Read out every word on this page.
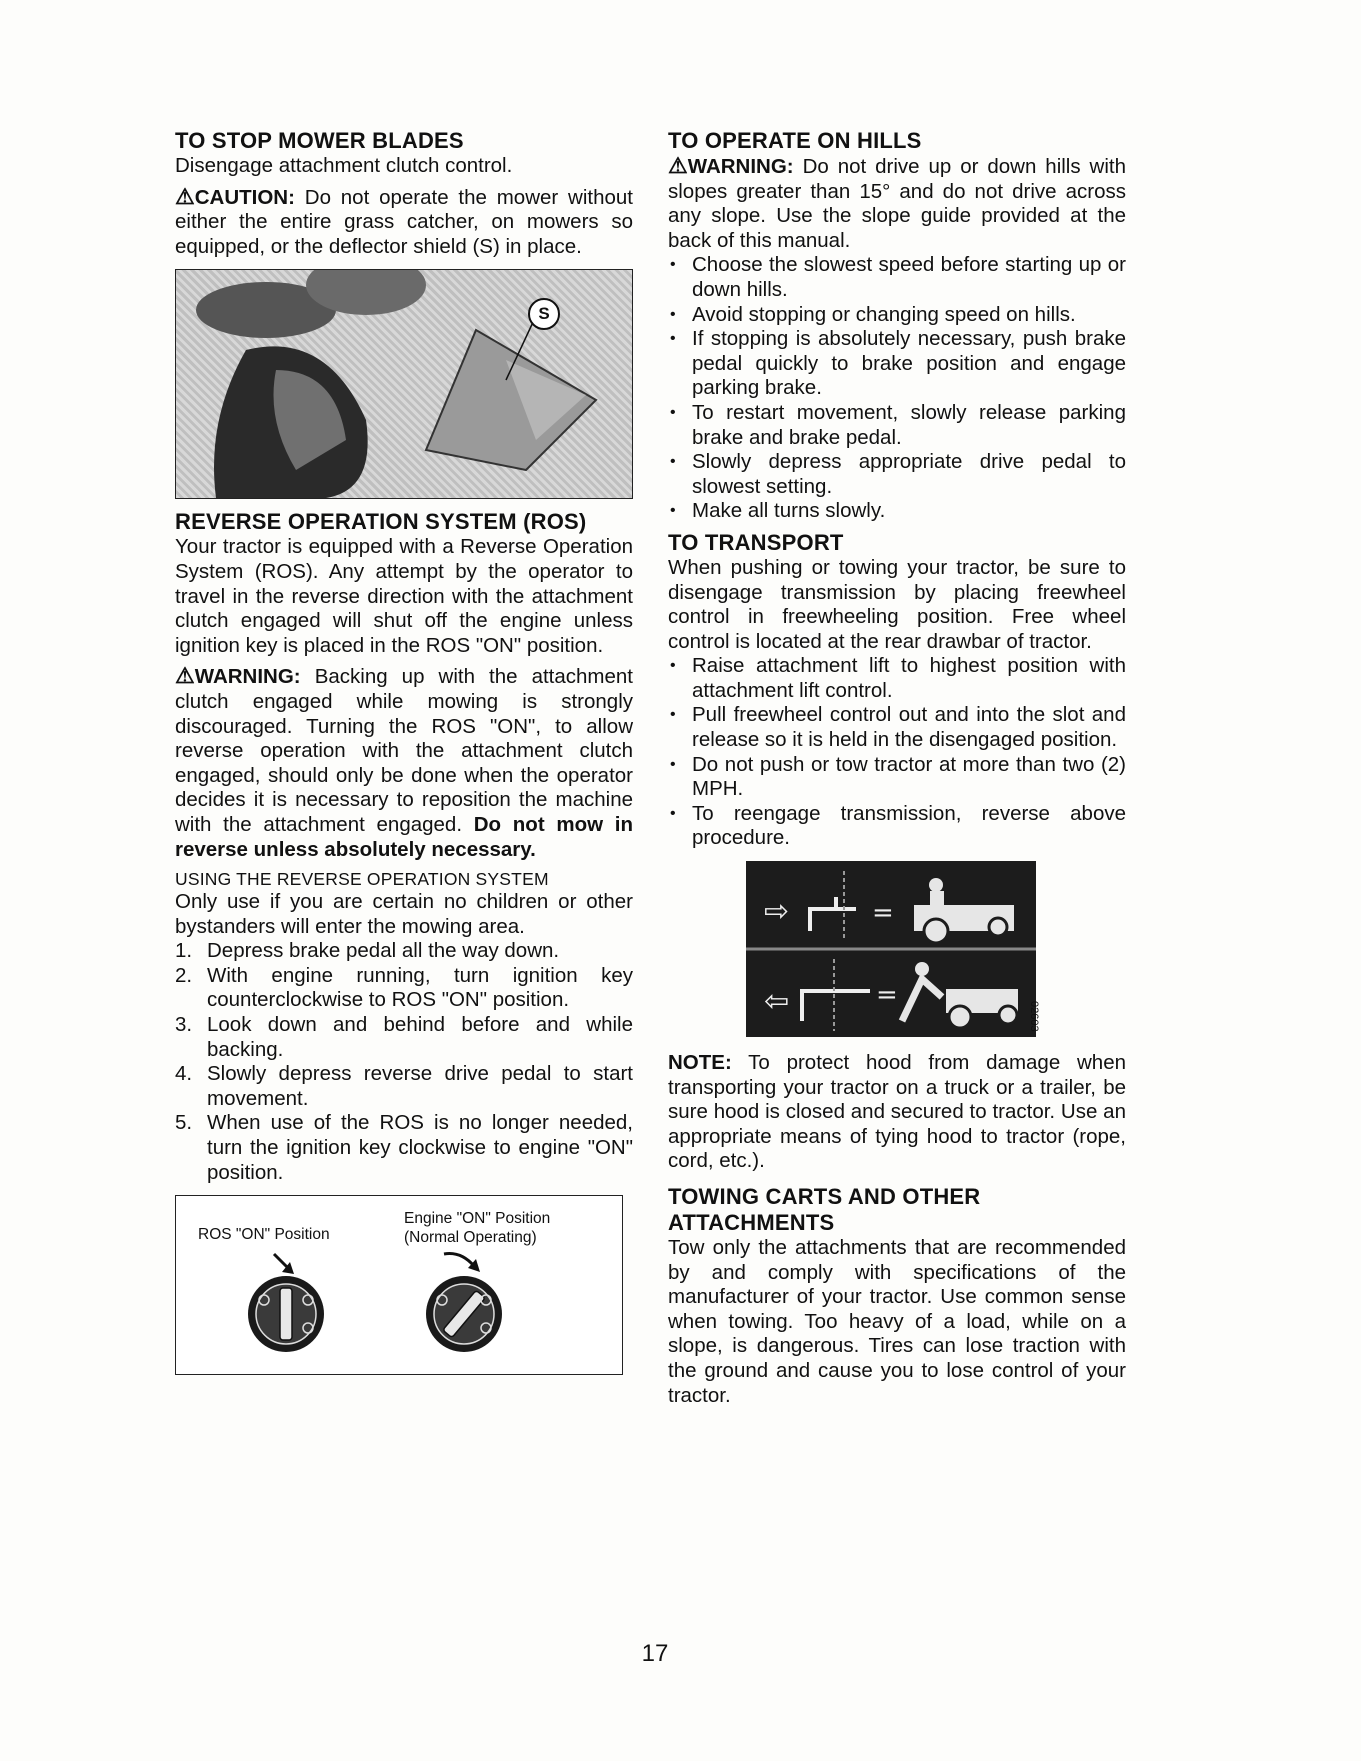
TO STOP MOWER BLADES

Disengage attachment clutch control.

⚠CAUTION: Do not operate the mower without either the entire grass catcher, on mowers so equipped, or the deflector shield (S) in place.

S
REVERSE OPERATION SYSTEM (ROS)

Your tractor is equipped with a Reverse Operation System (ROS). Any attempt by the operator to travel in the reverse direction with the attachment clutch engaged will shut off the engine unless ignition key is placed in the ROS "ON" position.

⚠WARNING: Backing up with the attachment clutch engaged while mowing is strongly discouraged. Turning the ROS "ON", to allow reverse operation with the attachment clutch engaged, should only be done when the operator decides it is necessary to reposition the machine with the attachment engaged. Do not mow in reverse unless absolutely necessary.

USING THE REVERSE OPERATION SYSTEM

Only use if you are certain no children or other bystanders will enter the mowing area.

1. Depress brake pedal all the way down.
2. With engine running, turn ignition key counterclockwise to ROS "ON" position.
3. Look down and behind before and while backing.
4. Slowly depress reverse drive pedal to start movement.
5. When use of the ROS is no longer needed, turn the ignition key clockwise to engine "ON" position.
ROS "ON" Position
Engine "ON" Position
(Normal Operating)
TO OPERATE ON HILLS

⚠WARNING: Do not drive up or down hills with slopes greater than 15° and do not drive across any slope. Use the slope guide provided at the back of this manual.

• Choose the slowest speed before starting up or down hills.
• Avoid stopping or changing speed on hills.
• If stopping is absolutely necessary, push brake pedal quickly to brake position and engage parking brake.
• To restart movement, slowly release parking brake and brake pedal.
• Slowly depress appropriate drive pedal to slowest setting.
• Make all turns slowly.
TO TRANSPORT

When pushing or towing your tractor, be sure to disengage transmission by placing freewheel control in freewheeling position. Free wheel control is located at the rear drawbar of tractor.

• Raise attachment lift to highest position with attachment lift control.
• Pull freewheel control out and into the slot and release so it is held in the disengaged position.
• Do not push or tow tractor at more than two (2) MPH.
• To reengage transmission, reverse above procedure.
⇨	=
⇦	=
02603

NOTE: To protect hood from damage when transporting your tractor on a truck or a trailer, be sure hood is closed and secured to tractor. Use an appropriate means of tying hood to tractor (rope, cord, etc.).

TOWING CARTS AND OTHER ATTACHMENTS

Tow only the attachments that are recommended by and comply with specifications of the manufacturer of your tractor. Use common sense when towing. Too heavy of a load, while on a slope, is dangerous. Tires can lose traction with the ground and cause you to lose control of your tractor.

17
